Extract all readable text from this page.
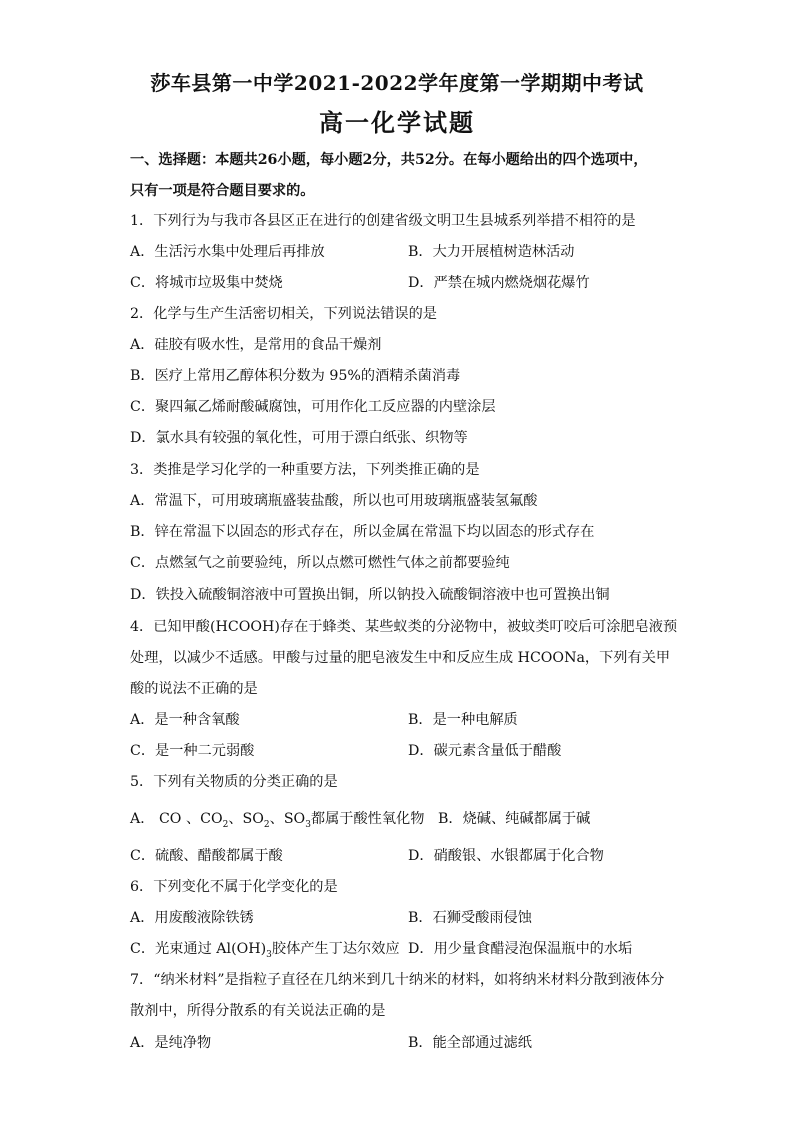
莎车县第一中学2021-2022学年度第一学期期中考试
高一化学试题
一、选择题：本题共26小题，每小题2分，共52分。在每小题给出的四个选项中，
只有一项是符合题目要求的。
1．下列行为与我市各县区正在进行的创建省级文明卫生县城系列举措不相符的是
A．生活污水集中处理后再排放	B．大力开展植树造林活动
C．将城市垃圾集中焚烧	D．严禁在城内燃烧烟花爆竹
2．化学与生产生活密切相关，下列说法错误的是
A．硅胶有吸水性，是常用的食品干燥剂
B．医疗上常用乙醇体积分数为 95%的酒精杀菌消毒
C．聚四氟乙烯耐酸碱腐蚀，可用作化工反应器的内壁涂层
D．氯水具有较强的氧化性，可用于漂白纸张、织物等
3．类推是学习化学的一种重要方法，下列类推正确的是
A．常温下，可用玻璃瓶盛装盐酸，所以也可用玻璃瓶盛装氢氟酸
B．锌在常温下以固态的形式存在，所以金属在常温下均以固态的形式存在
C．点燃氢气之前要验纯，所以点燃可燃性气体之前都要验纯
D．铁投入硫酸铜溶液中可置换出铜，所以钠投入硫酸铜溶液中也可置换出铜
4．已知甲酸(HCOOH)存在于蜂类、某些蚁类的分泌物中，被蚊类叮咬后可涂肥皂液预
处理，以减少不适感。甲酸与过量的肥皂液发生中和反应生成 HCOONa，下列有关甲
酸的说法不正确的是
A．是一种含氧酸	B．是一种电解质
C．是一种二元弱酸	D．碳元素含量低于醋酸
5．下列有关物质的分类正确的是
A． CO 、$CO_2$、$SO_2$、$SO_3$都属于酸性氧化物 B．烧碱、纯碱都属于碱
C．硫酸、醋酸都属于酸	D．硝酸银、水银都属于化合物
6．下列变化不属于化学变化的是
A．用废酸液除铁锈	B．石狮受酸雨侵蚀
C．光束通过 $Al(OH)_3$胶体产生丁达尔效应 D．用少量食醋浸泡保温瓶中的水垢
7．“纳米材料”是指粒子直径在几纳米到几十纳米的材料，如将纳米材料分散到液体分
散剂中，所得分散系的有关说法正确的是
A．是纯净物	B．能全部通过滤纸
